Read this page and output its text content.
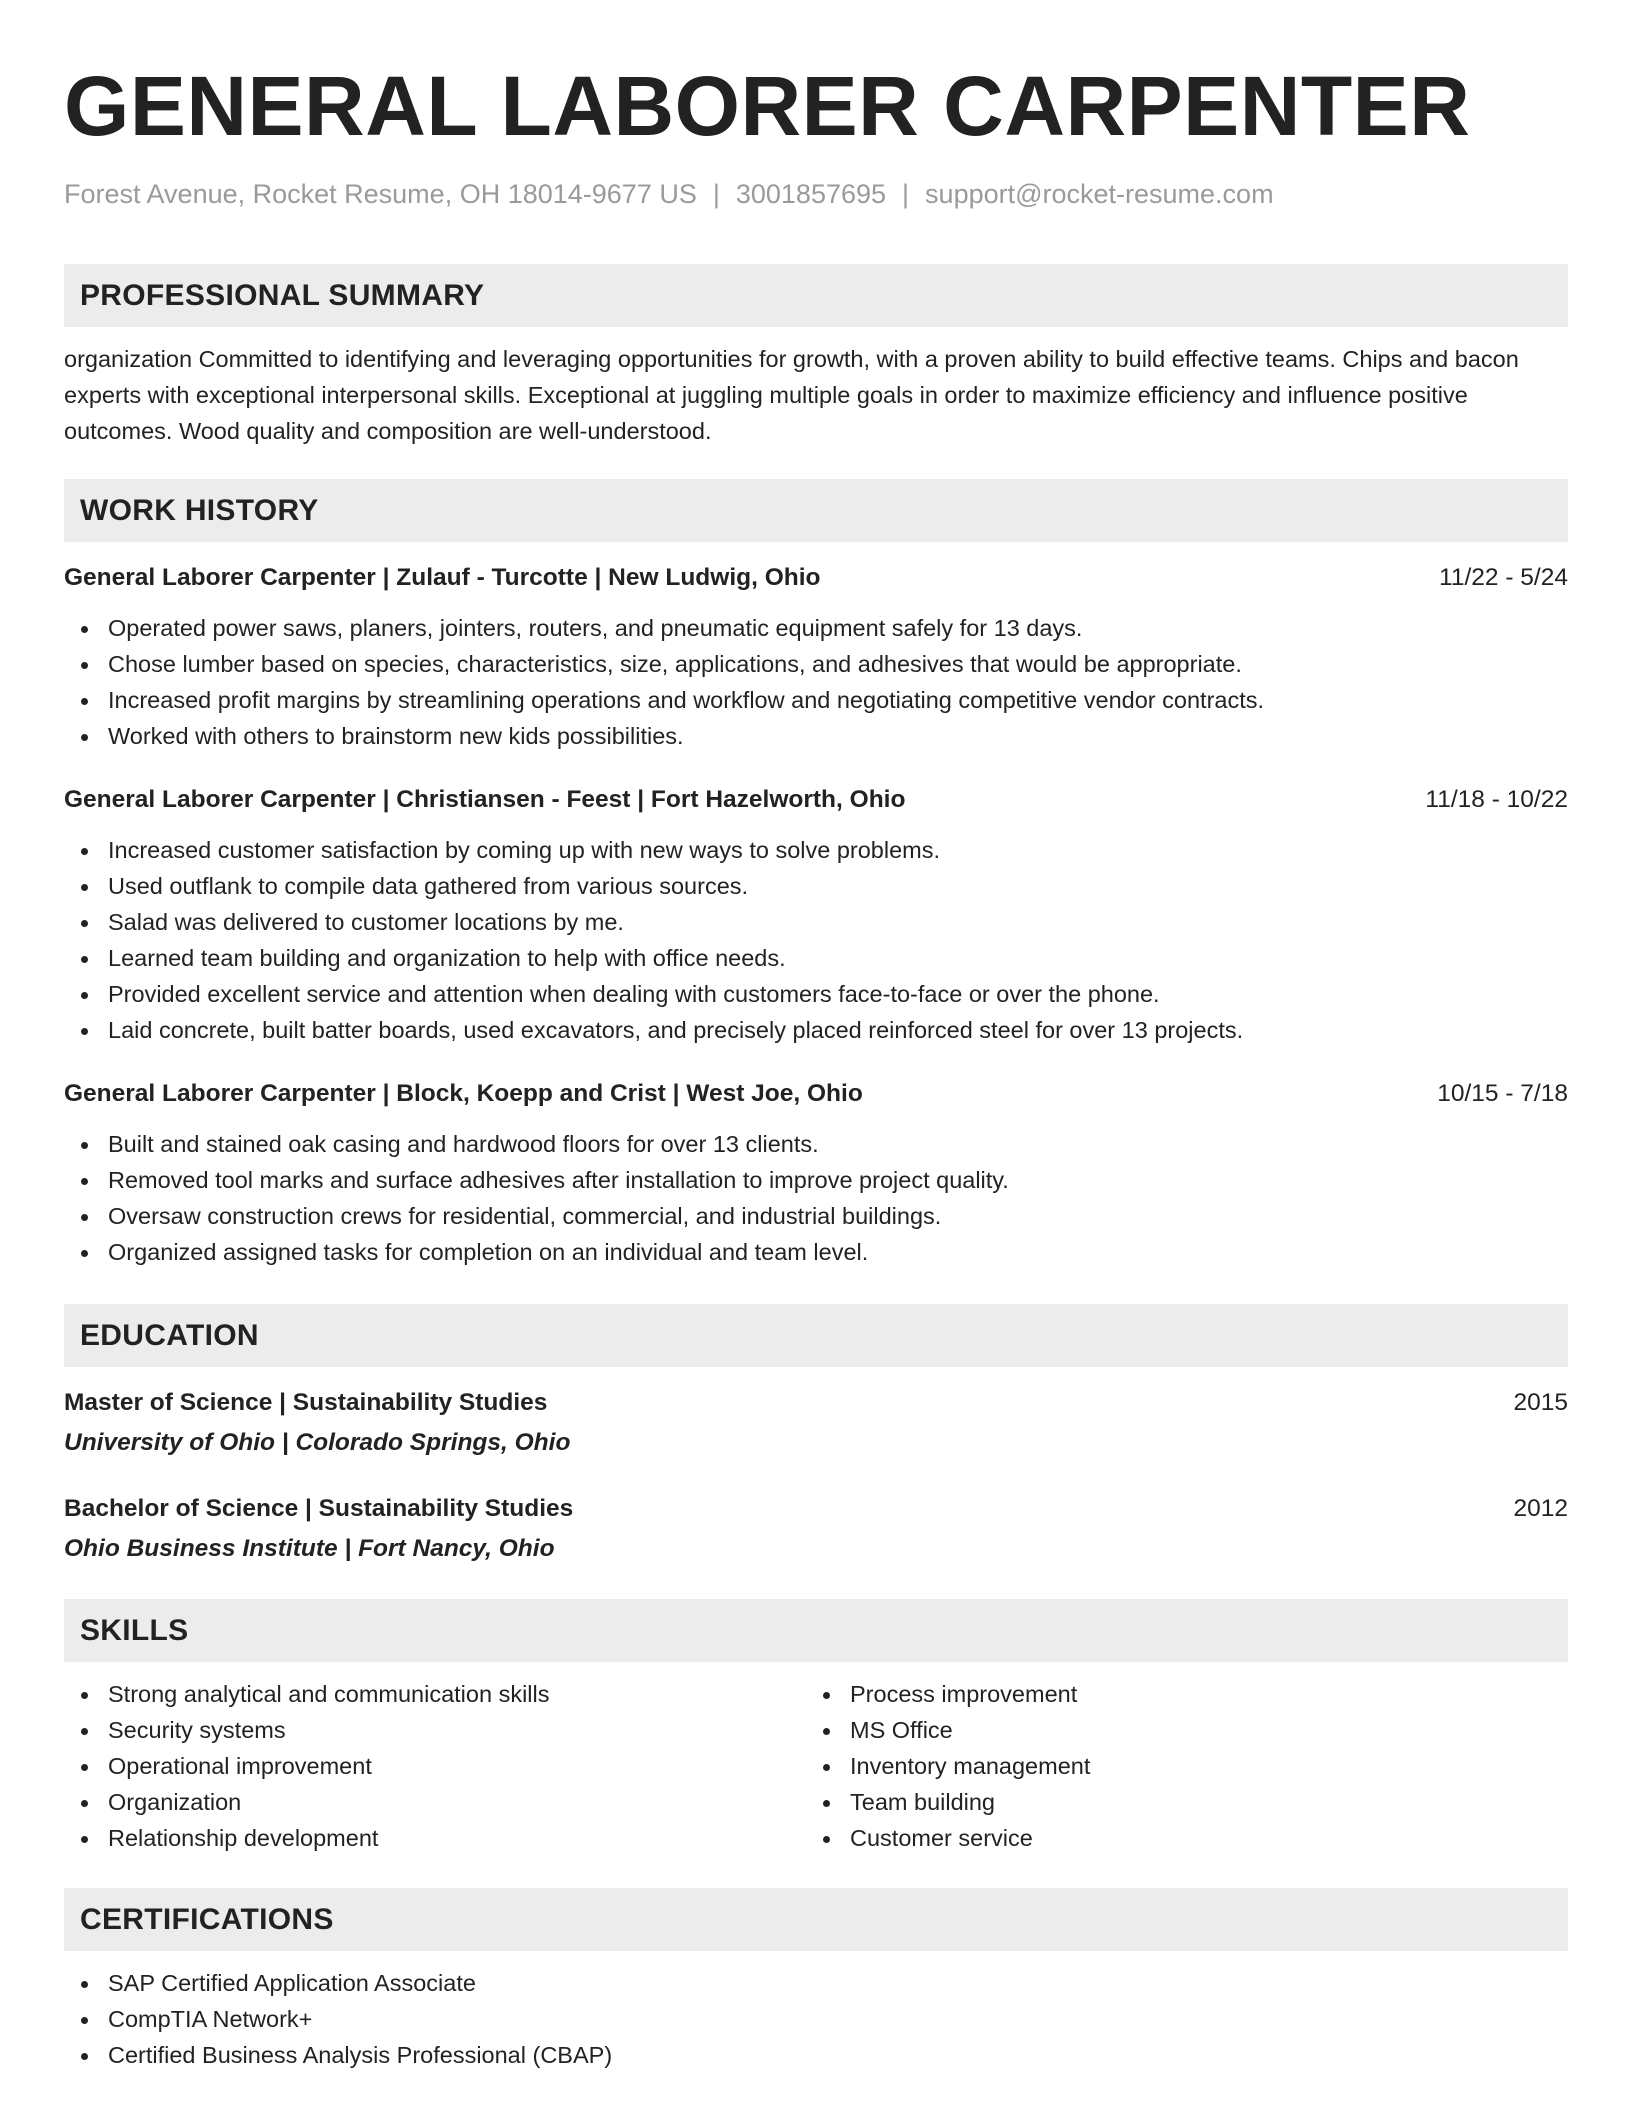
GENERAL LABORER CARPENTER
Forest Avenue, Rocket Resume, OH 18014-9677 US | 3001857695 | support@rocket-resume.com
PROFESSIONAL SUMMARY
organization Committed to identifying and leveraging opportunities for growth, with a proven ability to build effective teams. Chips and bacon experts with exceptional interpersonal skills. Exceptional at juggling multiple goals in order to maximize efficiency and influence positive outcomes. Wood quality and composition are well-understood.
WORK HISTORY
General Laborer Carpenter | Zulauf - Turcotte | New Ludwig, Ohio	11/22 - 5/24
Operated power saws, planers, jointers, routers, and pneumatic equipment safely for 13 days.
Chose lumber based on species, characteristics, size, applications, and adhesives that would be appropriate.
Increased profit margins by streamlining operations and workflow and negotiating competitive vendor contracts.
Worked with others to brainstorm new kids possibilities.
General Laborer Carpenter | Christiansen - Feest | Fort Hazelworth, Ohio	11/18 - 10/22
Increased customer satisfaction by coming up with new ways to solve problems.
Used outflank to compile data gathered from various sources.
Salad was delivered to customer locations by me.
Learned team building and organization to help with office needs.
Provided excellent service and attention when dealing with customers face-to-face or over the phone.
Laid concrete, built batter boards, used excavators, and precisely placed reinforced steel for over 13 projects.
General Laborer Carpenter | Block, Koepp and Crist | West Joe, Ohio	10/15 - 7/18
Built and stained oak casing and hardwood floors for over 13 clients.
Removed tool marks and surface adhesives after installation to improve project quality.
Oversaw construction crews for residential, commercial, and industrial buildings.
Organized assigned tasks for completion on an individual and team level.
EDUCATION
Master of Science | Sustainability Studies	2015
University of Ohio | Colorado Springs, Ohio
Bachelor of Science | Sustainability Studies	2012
Ohio Business Institute | Fort Nancy, Ohio
SKILLS
Strong analytical and communication skills
Security systems
Operational improvement
Organization
Relationship development
Process improvement
MS Office
Inventory management
Team building
Customer service
CERTIFICATIONS
SAP Certified Application Associate
CompTIA Network+
Certified Business Analysis Professional (CBAP)
